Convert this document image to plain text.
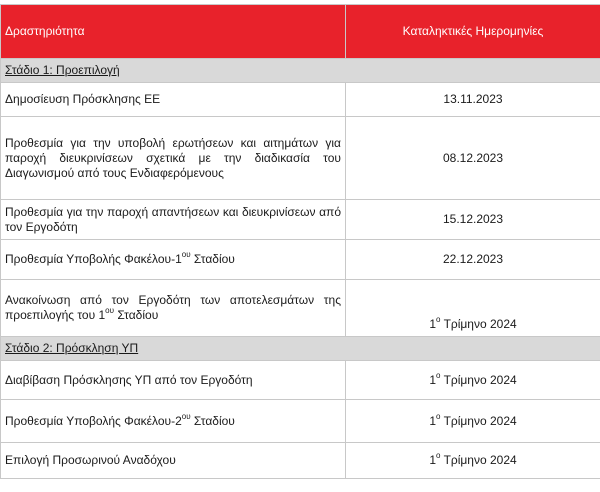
Δραστηριότητα	Καταληκτικές Ημερομηνίες
Στάδιο 1: Προεπιλογή	
Δημοσίευση Πρόσκλησης ΕΕ	13.11.2023
Προθεσμία για την υποβολή ερωτήσεων και αιτημάτων για παροχή διευκρινίσεων σχετικά με την διαδικασία του Διαγωνισμού από τους Ενδιαφερόμενους	08.12.2023
Προθεσμία για την παροχή απαντήσεων και διευκρινίσεων από τον Εργοδότη	15.12.2023
Προθεσμία Υποβολής Φακέλου-$1^{o\upsilon}$ Σταδίου	22.12.2023
Ανακοίνωση από τον Εργοδότη των αποτελεσμάτων της προεπιλογής του $1^{o\upsilon}$ Σταδίου	$1^o$ Τρίμηνο 2024
Στάδιο 2: Πρόσκληση ΥΠ	
Διαβίβαση Πρόσκλησης ΥΠ από τον Εργοδότη	$1^o$ Τρίμηνο 2024
Προθεσμία Υποβολής Φακέλου-$2^{o\upsilon}$ Σταδίου	$1^o$ Τρίμηνο 2024
Επιλογή Προσωρινού Αναδόχου	$1^o$ Τρίμηνο 2024
